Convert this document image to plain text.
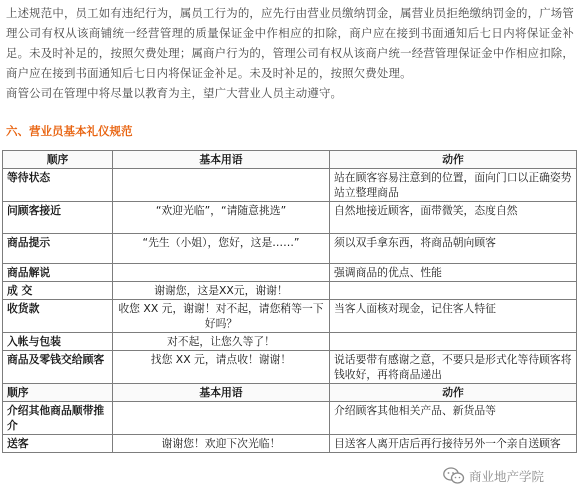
上述规范中，员工如有违纪行为，属员工行为的，应先行由营业员缴纳罚金，属营业员拒绝缴纳罚金的，广场管理公司有权从该商铺统一经营管理的质量保证金中作相应的扣除，商户应在接到书面通知后七日内将保证金补足。未及时补足的，按照欠费处理；属商户行为的，管理公司有权从该商户统一经营管理保证金中作相应扣除，商户应在接到书面通知后七日内将保证金补足。未及时补足的，按照欠费处理。

商管公司在管理中将尽量以教育为主，望广大营业人员主动遵守。

六、营业员基本礼仪规范

顺序	基本用语	动作
等待状态		站在顾客容易注意到的位置，面向门口以正确姿势站立整理商品
问顾客接近	“欢迎光临”，“请随意挑选”	自然地接近顾客，面带微笑，态度自然
商品提示	“先生（小姐），您好，这是……”	须以双手拿东西，将商品朝向顾客
商品解说		强调商品的优点、性能
成 交	谢谢您，这是XX元，谢谢！	
收货款	收您 XX 元，谢谢！对不起，请您稍等一下好吗？	当客人面核对现金，记住客人特征
入帐与包装	对不起，让您久等了！	
商品及零钱交给顾客	找您 XX 元，请点收！谢谢！	说话要带有感谢之意，不要只是形式化等待顾客将钱收好，再将商品递出
顺序	基本用语	动作
介绍其他商品顺带推介		介绍顾客其他相关产品、新货品等
送客	谢谢您！欢迎下次光临！	目送客人离开店后再行接待另外一个亲自送顾客
商业地产学院
